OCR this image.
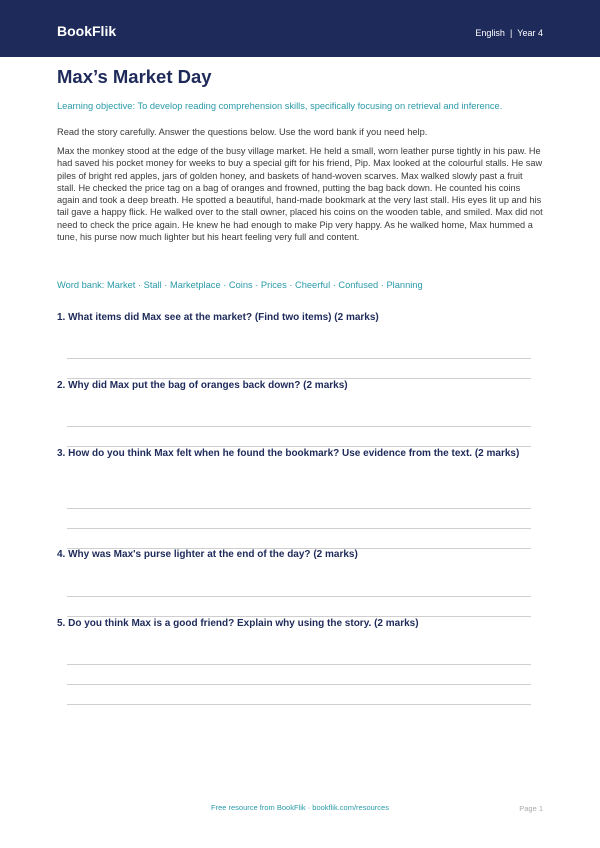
BookFlik	English | Year 4
Max’s Market Day
Learning objective: To develop reading comprehension skills, specifically focusing on retrieval and inference.
Read the story carefully. Answer the questions below. Use the word bank if you need help.

Max the monkey stood at the edge of the busy village market. He held a small, worn leather purse tightly in his paw. He had saved his pocket money for weeks to buy a special gift for his friend, Pip. Max looked at the colourful stalls. He saw piles of bright red apples, jars of golden honey, and baskets of hand-woven scarves. Max walked slowly past a fruit stall. He checked the price tag on a bag of oranges and frowned, putting the bag back down. He counted his coins again and took a deep breath. He spotted a beautiful, hand-made bookmark at the very last stall. His eyes lit up and his tail gave a happy flick. He walked over to the stall owner, placed his coins on the wooden table, and smiled. Max did not need to check the price again. He knew he had enough to make Pip very happy. As he walked home, Max hummed a tune, his purse now much lighter but his heart feeling very full and content.

Word bank: Market · Stall · Marketplace · Coins · Prices · Cheerful · Confused · Planning
1. What items did Max see at the market? (Find two items) (2 marks)
2. Why did Max put the bag of oranges back down? (2 marks)
3. How do you think Max felt when he found the bookmark? Use evidence from the text. (2 marks)
4. Why was Max's purse lighter at the end of the day? (2 marks)
5. Do you think Max is a good friend? Explain why using the story. (2 marks)
Free resource from BookFlik · bookflik.com/resources	Page 1
